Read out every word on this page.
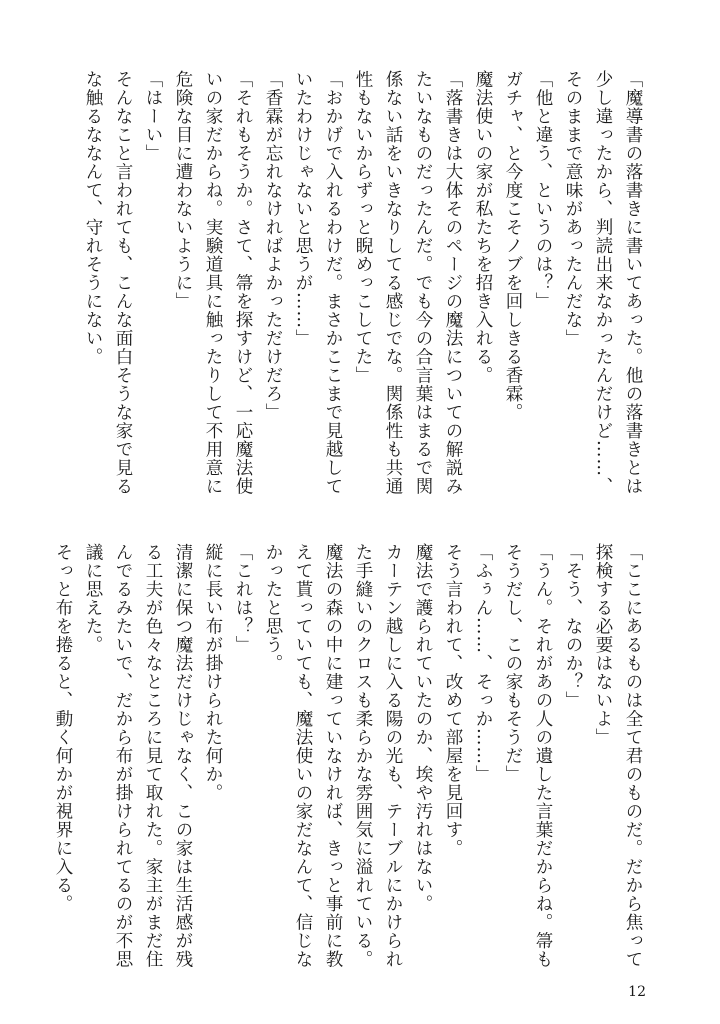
「魔導書の落書きに書いてあった。他の落書きとは少し違ったから、判読出来なかったんだけど……、そのままで意味があったんだな」

「他と違う、というのは？」

ガチャ、と今度こそノブを回しきる香霖。

魔法使いの家が私たちを招き入れる。

「落書きは大体そのページの魔法についての解説みたいなものだったんだ。でも今の合言葉はまるで関係ない話をいきなりしてる感じでな。関係性も共通性もないからずっと睨めっこしてた」

「おかげで入れるわけだ。まさかここまで見越していたわけじゃないと思うが……」

「香霖が忘れなければよかっただけだろ」

「それもそうか。さて、箒を探すけど、一応魔法使いの家だからね。実験道具に触ったりして不用意に危険な目に遭わないように」

「はーい」

そんなこと言われても、こんな面白そうな家で見るな触るななんて、守れそうにない。

「ここにあるものは全て君のものだ。だから焦って探検する必要はないよ」

「そう、なのか？」

「うん。それがあの人の遺した言葉だからね。箒もそうだし、この家もそうだ」

「ふぅん……、そっか……」

そう言われて、改めて部屋を見回す。

魔法で護られていたのか、埃や汚れはない。

カーテン越しに入る陽の光も、テーブルにかけられた手縫いのクロスも柔らかな雰囲気に溢れている。

魔法の森の中に建っていなければ、きっと事前に教えて貰っていても、魔法使いの家だなんて、信じなかったと思う。

「これは？」

縦に長い布が掛けられた何か。

清潔に保つ魔法だけじゃなく、この家は生活感が残る工夫が色々なところに見て取れた。家主がまだ住んでるみたいで、だから布が掛けられてるのが不思議に思えた。

そっと布を捲ると、動く何かが視界に入る。

12
